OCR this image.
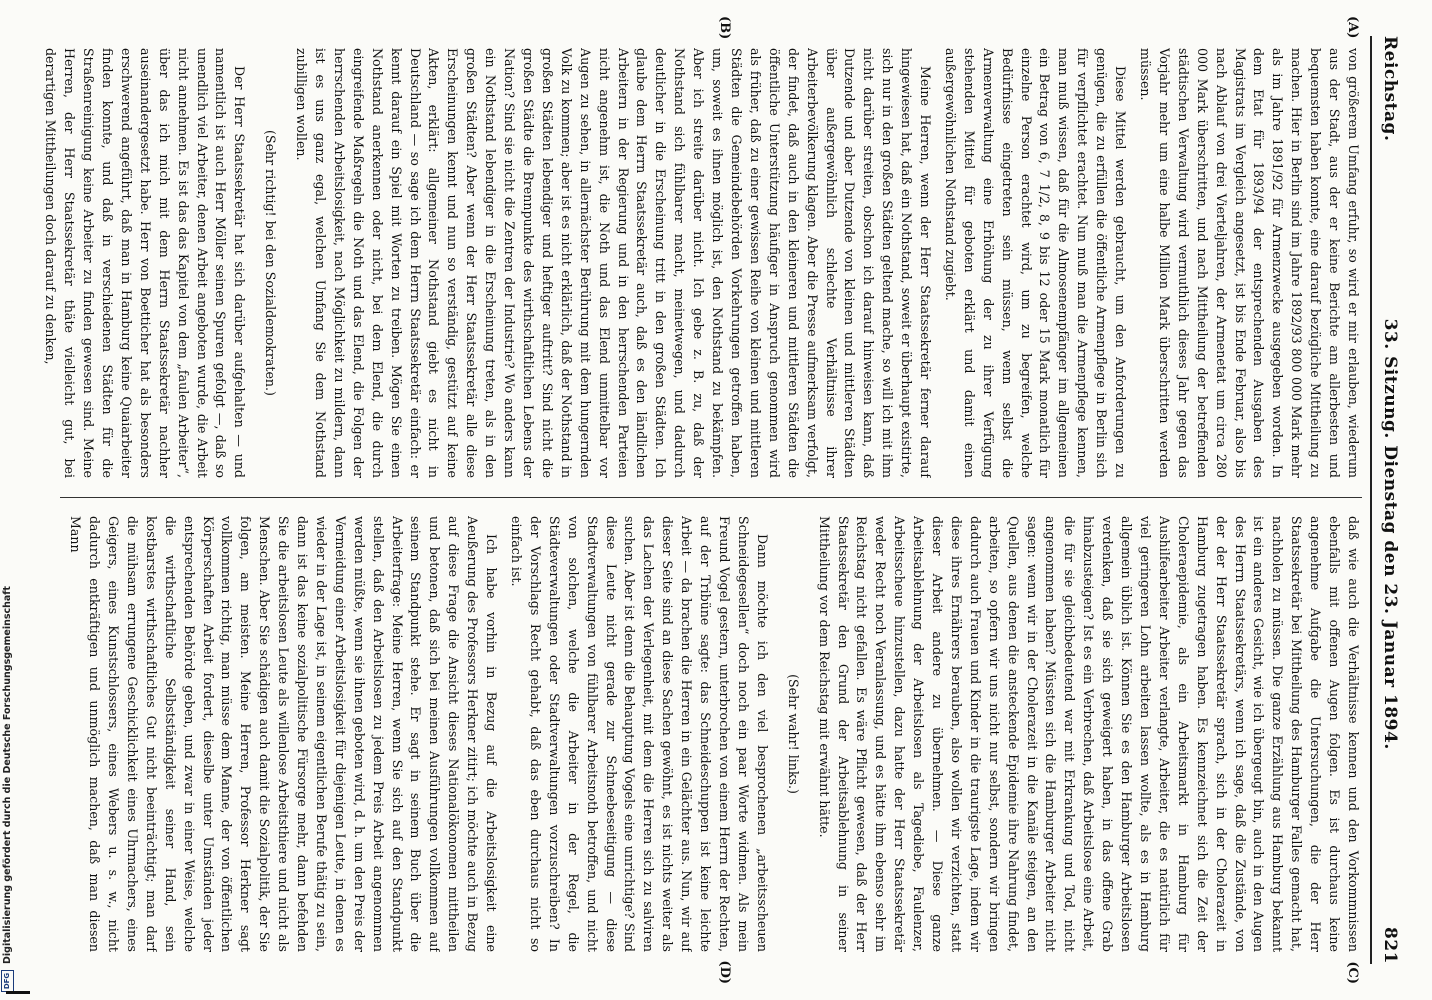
Reichstag.
33. Sitzung. Dienstag den 23. Januar 1894.
821
(A)
(B)
(C)
(D)

von größerem Umfang erfuhr, so wird er mir erlauben, wiederum aus der Stadt, aus der er keine Berichte am allerbesten und bequemsten haben konnte, eine darauf bezügliche Mittheilung zu machen. Hier in Berlin sind im Jahre 1892/93 800 000 Mark mehr als im Jahre 1891/92 für Armenzwecke ausgegeben worden. In dem Etat für 1893/94 der entsprechenden Ausgaben des Magistrats im Vergleich angesetzt, ist bis Ende Februar, also bis nach Ablauf von drei Vierteljahren, der Armenetat um circa 280 000 Mark überschritten, und nach Mittheilung der betreffenden städtischen Verwaltung wird vermuthlich dieses Jahr gegen das Vorjahr mehr um eine halbe Million Mark überschritten werden müssen.

Diese Mittel werden gebraucht, um den Anforderungen zu genügen, die zu erfüllen die öffentliche Armenpflege in Berlin sich für verpflichtet erachtet. Nun muß man die Armenpflege kennen, man muß wissen, daß für die Almosenempfänger im allgemeinen ein Betrag von 6, 7 1/2, 8, 9 bis 12 oder 15 Mark monatlich für einzelne Person erachtet wird, um zu begreifen, welche Bedürfnisse eingetreten sein müssen, wenn selbst die Armenverwaltung eine Erhöhung der zu ihrer Verfügung stehenden Mittel für geboten erklärt und damit einen außergewöhnlichen Nothstand zugiebt.

Meine Herren, wenn der Herr Staatssekretär ferner darauf hingewiesen hat, daß ein Nothstand, soweit er überhaupt existirte, sich nur in den großen Städten geltend mache, so will ich mit ihm nicht darüber streiten, obschon ich darauf hinweisen kann, daß Dutzende und aber Dutzende von kleinen und mittleren Städten über außergewöhnlich schlechte Verhältnisse ihrer Arbeiterbevölkerung klagen. Aber die Presse aufmerksam verfolgt, der findet, daß auch in den kleineren und mittleren Städten die öffentliche Unterstützung häufiger in Anspruch genommen wird als früher, daß zu einer gewissen Reihe von kleinen und mittleren Städten die Gemeindebehörden Vorkehrungen getroffen haben, um, soweit es ihnen möglich ist, den Nothstand zu bekämpfen. Aber ich streite darüber nicht. Ich gebe z. B. zu, daß der Nothstand sich fühlbarer macht, meinetwegen, und dadurch deutlicher in die Erscheinung tritt in den großen Städten. Ich glaube dem Herrn Staatssekretär auch, daß es den ländlichen Arbeitern in der Regierung und in den herrschenden Parteien nicht angenehm ist, die Noth und das Elend unmittelbar vor Augen zu sehen, in allernächster Berührung mit dem hungernden Volk zu kommen; aber ist es nicht erklärlich, daß der Nothstand in großen Städten lebendiger und heftiger auftritt? Sind nicht die großen Städte die Brennpunkte des wirthschaftlichen Lebens der Nation? Sind sie nicht die Zentren der Industrie? Wo anders kann ein Nothstand lebendiger in die Erscheinung treten, als in den großen Städten? Aber wenn der Herr Staatssekretär alle diese Erscheinungen kennt und nun so verständig, gestützt auf keine Akten, erklärt: allgemeiner Nothstand giebt es nicht in Deutschland — so sage ich dem Herrn Staatssekretär einfach: er kennt darauf ein Spiel mit Worten zu treiben. Mögen Sie einen Nothstand anerkennen oder nicht, bei dem Elend, die durch eingreifende Maßregeln die Noth und das Elend, die Folgen der herrschenden Arbeitslosigkeit, nach Möglichkeit zu mildern, dann ist es uns ganz egal, welchen Umfang Sie dem Nothstand zubilligen wollen.

(Sehr richtig! bei den Sozialdemokraten.)

Der Herr Staatssekretär hat sich darüber aufgehalten — und namentlich ist auch Herr Möller seinen Spuren gefolgt —, daß so unendlich viel Arbeiter, denen Arbeit angeboten wurde, die Arbeit nicht annehmen. Es ist das das Kapitel von dem „faulen Arbeiter“, über das ich mich mit dem Herrn Staatssekretär nachher auseinandergesetzt habe. Herr von Boetticher hat als besonders erschwerend angeführt, daß man in Hamburg keine Quaiarbeiter finden konnte, und daß in verschiedenen Städten für die Straßenreinigung keine Arbeiter zu finden gewesen sind. Meine Herren, der Herr Staatssekretär thäte vielleicht gut, bei derartigen Mittheilungen doch darauf zu denken,

daß wie auch die Verhältnisse kennen und den Vorkommnissen ebenfalls mit offenen Augen folgen. Es ist durchaus keine angenehme Aufgabe die Untersuchungen, die der Herr Staatssekretär bei Mittheilung des Hamburger Falles gemacht hat, nachholen zu müssen. Die ganze Erzählung aus Hamburg bekannt ist ein anderes Gesicht, wie ich übergeugt bin, auch in den Augen des Herrn Staatssekretärs, wenn ich sage, daß die Zustände, von der der Herr Staatssekretär sprach, sich in der Cholerazeit in Hamburg zugetragen haben. Es kennzeichnet sich die Zeit der Choleraepidemie, als ein Arbeitsmarkt in Hamburg für Aushilfearbeiter Arbeiter verlangte, Arbeiter, die es natürlich für viel geringeren Lohn arbeiten lassen wollte, als es in Hamburg allgemein üblich ist. Können Sie es den Hamburger Arbeitslosen verdenken, daß sie sich geweigert haben, in das offene Grab hinabzusteigen? Ist es ein Verbrechen, daß Arbeitslose eine Arbeit, die für sie gleichbedeutend war mit Erkrankung und Tod, nicht angenommen haben? Müssten sich die Hamburger Arbeiter nicht sagen: wenn wir in der Cholerazeit in die Kanäle steigen, an den Quellen, aus denen die ansteckende Epidemie ihre Nahrung findet, arbeiten, so opfern wir uns nicht nur selbst, sondern wir bringen dadurch auch Frauen und Kinder in die traurigste Lage, indem wir diese ihres Ernährers berauben, also wollen wir verzichten, statt dieser Arbeit andere zu übernehmen. — Diese ganze Arbeitsablehnung der Arbeitslosen als Tagediebe, Faulenzer, Arbeitsscheue hinzustellen, dazu hatte der Herr Staatssekretär weder Recht noch Veranlassung, und es hätte ihm ebenso sehr im Reichstag nicht gefallen. Es wäre Pflicht gewesen, daß der Herr Staatssekretär den Grund der Arbeitsablehnung in seiner Mittheilung vor dem Reichstag mit erwähnt hätte.

(Sehr wahr! links.)

Dann möchte ich den viel besprochenen „arbeitsscheuen Schneidegesellen“ doch noch ein paar Worte widmen. Als mein Freund Vogel gestern, unterbrochen von einem Herrn der Rechten, auf der Tribüne sagte: das Schneideschuppen ist keine leichte Arbeit — da brachen die Herren in ein Gelächter aus. Nun, wir auf dieser Seite sind an diese Sachen gewöhnt, es ist nichts weiter als das Lachen der Verlegenheit, mit dem die Herren sich zu salviren suchen. Aber ist denn die Behauptung Vogels eine unrichtige? Sind diese Leute nicht gerade zur Schneebeseitigung — diese Stadtverwaltungen von fühlbarer Arbeitsnoth betroffen, und nicht von solchen, welche die Arbeiter in der Regel, die Städteverwaltungen oder Stadtverwaltungen vorzuschreiben? In der Vorschlags Recht gehabt, daß das eben durchaus nicht so einfach ist.

Ich habe vorhin in Bezug auf die Arbeitslosigkeit eine Aeußerung des Professors Herkner zitirt; ich möchte auch in Bezug auf diese Frage die Ansicht dieses Nationalökonomen mittheilen und betonen, daß sich bei meinen Ausführungen vollkommen auf seinem Standpunkt stehe. Er sagt in seinem Buch über die Arbeiterfrage: Meine Herren, wenn Sie sich auf den Standpunkt stellen, daß den Arbeitslosen zu jedem Preis Arbeit angenommen werden müßte, wenn sie ihnen geboten wird, d. h. um den Preis der Vermeidung einer Arbeitslosigkeit für diejenigen Leute, in denen es wieder in der Lage ist, in seinem eigentlichen Berufe thätig zu sein, dann ist das keine sozialpolitische Fürsorge mehr, dann befehden Sie die arbeitslosen Leute als willenlose Arbeitsthiere und nicht als Menschen. Aber Sie schädigen auch damit die Sozialpolitik, der Sie folgen, am meisten. Meine Herren, Professor Herkner sagt vollkommen richtig, man müsse dem Manne, der von öffentlichen Körperschaften Arbeit fordert, dieselbe unter Umständen jeder entsprechenden Behörde geben, und zwar in einer Weise, welche die wirthschaftliche Selbstständigkeit seiner Hand, sein kostbarstes wirthschaftliches Gut nicht beeinträchtigt; man darf die mühsam errungene Geschicklichkeit eines Uhrmachers, eines Geigers, eines Kunstschlossers, eines Webers u. s. w., nicht dadurch entkräftigen und unmöglich machen, daß man diesen Mann

DFG
Digitalisierung gefördert durch die Deutsche Forschungsgemeinschaft
